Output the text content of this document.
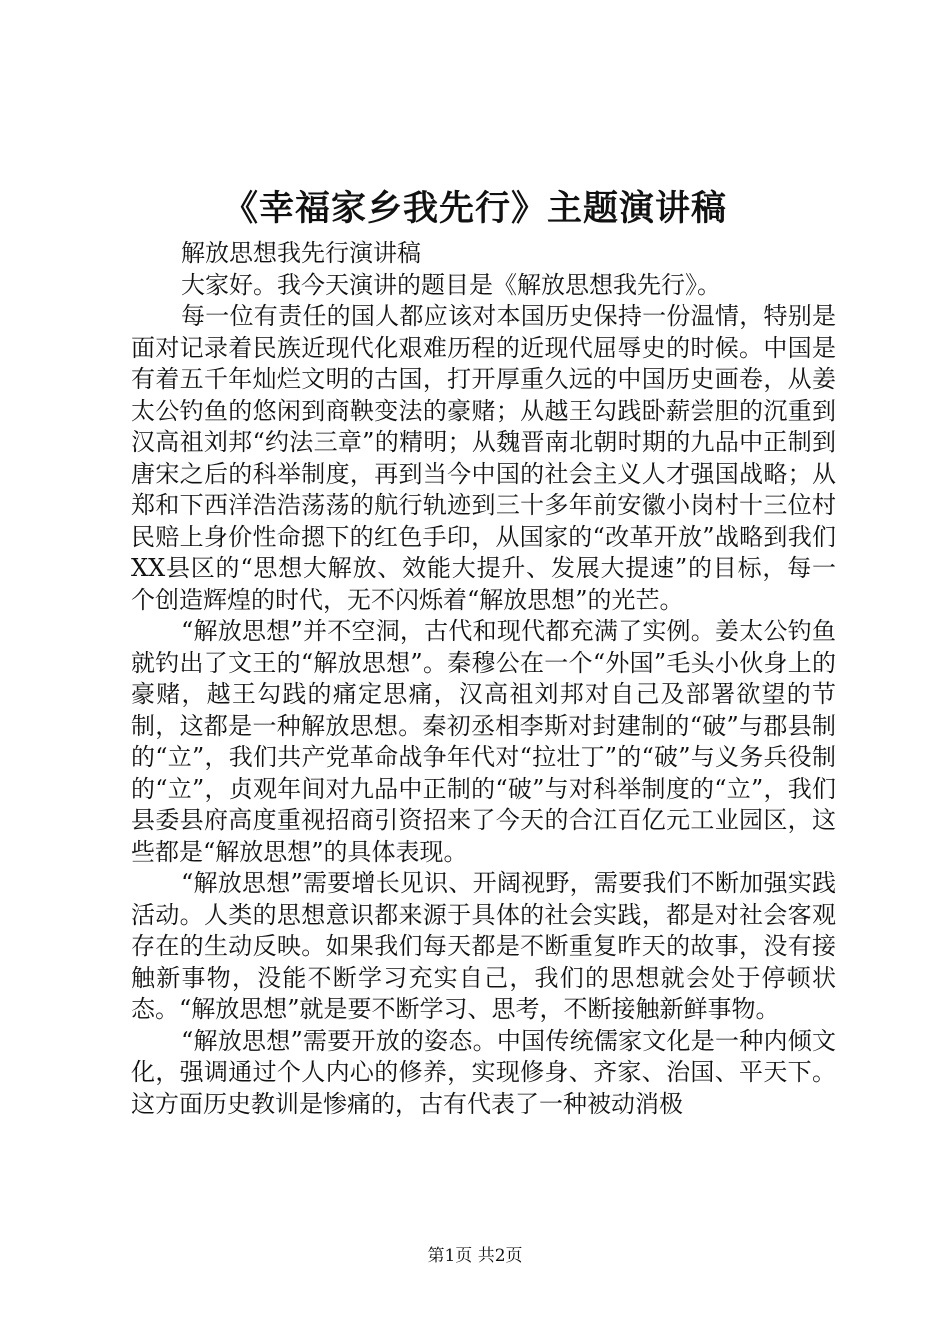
《幸福家乡我先行》主题演讲稿

解放思想我先行演讲稿

大家好。我今天演讲的题目是《解放思想我先行》。

每一位有责任的国人都应该对本国历史保持一份温情，特别是面对记录着民族近现代化艰难历程的近现代屈辱史的时候。中国是有着五千年灿烂文明的古国，打开厚重久远的中国历史画卷，从姜太公钓鱼的悠闲到商鞅变法的豪赌；从越王勾践卧薪尝胆的沉重到汉高祖刘邦“约法三章”的精明；从魏晋南北朝时期的九品中正制到唐宋之后的科举制度，再到当今中国的社会主义人才强国战略；从郑和下西洋浩浩荡荡的航行轨迹到三十多年前安徽小岗村十三位村民赔上身价性命摁下的红色手印，从国家的“改革开放”战略到我们XX县区的“思想大解放、效能大提升、发展大提速”的目标，每一个创造辉煌的时代，无不闪烁着“解放思想”的光芒。

“解放思想”并不空洞，古代和现代都充满了实例。姜太公钓鱼就钓出了文王的“解放思想”。秦穆公在一个“外国”毛头小伙身上的豪赌，越王勾践的痛定思痛，汉高祖刘邦对自己及部署欲望的节制，这都是一种解放思想。秦初丞相李斯对封建制的“破”与郡县制的“立”，我们共产党革命战争年代对“拉壮丁”的“破”与义务兵役制的“立”，贞观年间对九品中正制的“破”与对科举制度的“立”，我们县委县府高度重视招商引资招来了今天的合江百亿元工业园区，这些都是“解放思想”的具体表现。

“解放思想”需要增长见识、开阔视野，需要我们不断加强实践活动。人类的思想意识都来源于具体的社会实践，都是对社会客观存在的生动反映。如果我们每天都是不断重复昨天的故事，没有接触新事物，没能不断学习充实自己，我们的思想就会处于停顿状态。“解放思想”就是要不断学习、思考，不断接触新鲜事物。

“解放思想”需要开放的姿态。中国传统儒家文化是一种内倾文化，强调通过个人内心的修养，实现修身、齐家、治国、平天下。这方面历史教训是惨痛的，古有代表了一种被动消极

第1页 共2页
